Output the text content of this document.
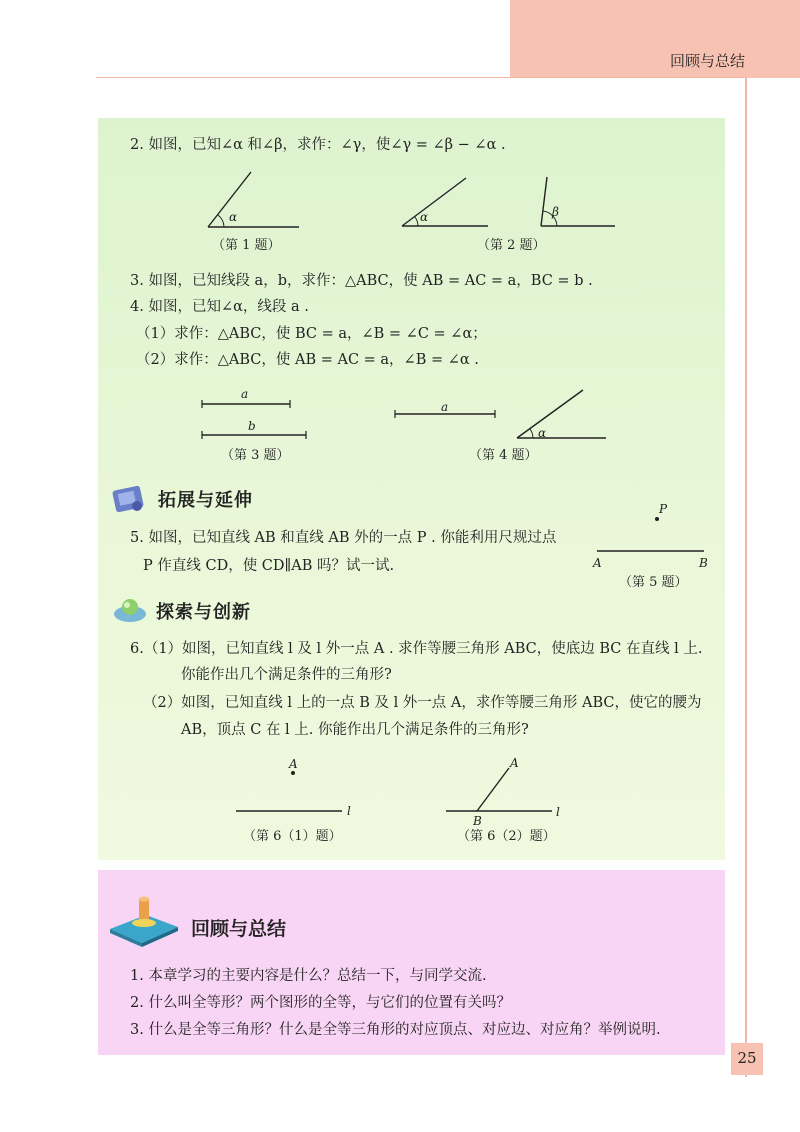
回顾与总结
2. 如图，已知∠α 和∠β，求作：∠γ，使∠γ = ∠β − ∠α .
α
（第 1 题）
α	β
（第 2 题）
3. 如图，已知线段 a，b，求作：△ABC，使 AB = AC = a，BC = b .
4. 如图，已知∠α，线段 a .
（1）求作：△ABC，使 BC = a，∠B = ∠C = ∠α；
（2）求作：△ABC，使 AB = AC = a，∠B = ∠α .
a
b
（第 3 题）
a
α
（第 4 题）
拓展与延伸
5. 如图，已知直线 AB 和直线 AB 外的一点 P . 你能利用尺规过点
P 作直线 CD，使 CD∥AB 吗？试一试.
P
A	B
（第 5 题）
探索与创新
6.（1）如图，已知直线 l 及 l 外一点 A . 求作等腰三角形 ABC，使底边 BC 在直线 l 上.
你能作出几个满足条件的三角形?
（2）如图，已知直线 l 上的一点 B 及 l 外一点 A，求作等腰三角形 ABC，使它的腰为
AB，顶点 C 在 l 上. 你能作出几个满足条件的三角形?
A
l
（第 6（1）题）
A
B
l
（第 6（2）题）
回顾与总结
1. 本章学习的主要内容是什么？总结一下，与同学交流.
2. 什么叫全等形？两个图形的全等，与它们的位置有关吗？
3. 什么是全等三角形？什么是全等三角形的对应顶点、对应边、对应角？举例说明.
25
